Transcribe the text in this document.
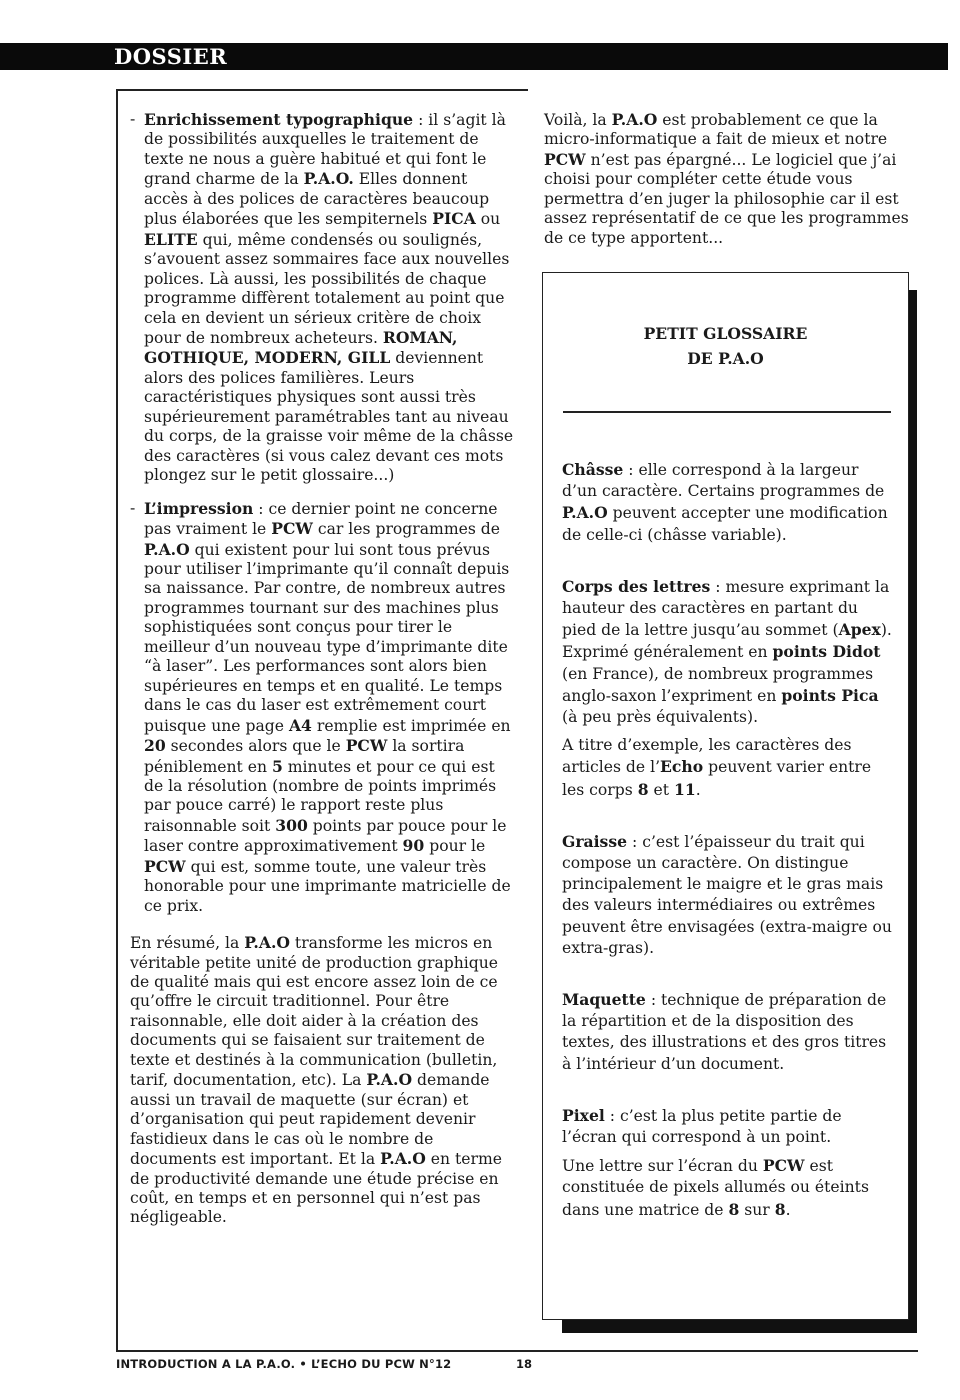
DOSSIER
- Enrichissement typographique : il s’agit là de possibilités auxquelles le traitement de texte ne nous a guère habitué et qui font le grand charme de la P.A.O. Elles donnent accès à des polices de caractères beaucoup plus élaborées que les sempiternels PICA ou ELITE qui, même condensés ou soulignés, s’avouent assez sommaires face aux nouvelles polices. Là aussi, les possibilités de chaque programme diffèrent totalement au point que cela en devient un sérieux critère de choix pour de nombreux acheteurs. ROMAN, GOTHIQUE, MODERN, GILL deviennent alors des polices familières. Leurs caractéristiques physiques sont aussi très supérieurement paramétrables tant au niveau du corps, de la graisse voir même de la châsse des caractères (si vous calez devant ces mots plongez sur le petit glossaire...)

- L’impression : ce dernier point ne concerne pas vraiment le PCW car les programmes de P.A.O qui existent pour lui sont tous prévus pour utiliser l’imprimante qu’il connaît depuis sa naissance. Par contre, de nombreux autres programmes tournant sur des machines plus sophistiquées sont conçus pour tirer le meilleur d’un nouveau type d’imprimante dite “à laser”. Les performances sont alors bien supérieures en temps et en qualité. Le temps dans le cas du laser est extrêmement court puisque une page A4 remplie est imprimée en 20 secondes alors que le PCW la sortira péniblement en 5 minutes et pour ce qui est de la résolution (nombre de points imprimés par pouce carré) le rapport reste plus raisonnable soit 300 points par pouce pour le laser contre approximativement 90 pour le PCW qui est, somme toute, une valeur très honorable pour une imprimante matricielle de ce prix.

En résumé, la P.A.O transforme les micros en véritable petite unité de production graphique de qualité mais qui est encore assez loin de ce qu’offre le circuit traditionnel. Pour être raisonnable, elle doit aider à la création des documents qui se faisaient sur traitement de texte et destinés à la communication (bulletin, tarif, documentation, etc). La P.A.O demande aussi un travail de maquette (sur écran) et d’organisation qui peut rapidement devenir fastidieux dans le cas où le nombre de documents est important. Et la P.A.O en terme de productivité demande une étude précise en coût, en temps et en personnel qui n’est pas négligeable.

Voilà, la P.A.O est probablement ce que la micro-informatique a fait de mieux et notre PCW n’est pas épargné... Le logiciel que j’ai choisi pour compléter cette étude vous permettra d’en juger la philosophie car il est assez représentatif de ce que les programmes de ce type apportent...

PETIT GLOSSAIRE
DE P.A.O

Châsse : elle correspond à la largeur d’un caractère. Certains programmes de P.A.O peuvent accepter une modification de celle-ci (châsse variable).

Corps des lettres : mesure exprimant la hauteur des caractères en partant du pied de la lettre jusqu’au sommet (Apex). Exprimé généralement en points Didot (en France), de nombreux programmes anglo-saxon l’expriment en points Pica (à peu près équivalents).

A titre d’exemple, les caractères des articles de l’Echo peuvent varier entre les corps 8 et 11.

Graisse : c’est l’épaisseur du trait qui compose un caractère. On distingue principalement le maigre et le gras mais des valeurs intermédiaires ou extrêmes peuvent être envisagées (extra-maigre ou extra-gras).

Maquette : technique de préparation de la répartition et de la disposition des textes, des illustrations et des gros titres à l’intérieur d’un document.

Pixel : c’est la plus petite partie de l’écran qui correspond à un point.

Une lettre sur l’écran du PCW est constituée de pixels allumés ou éteints dans une matrice de 8 sur 8.

INTRODUCTION A LA P.A.O. • L’ECHO DU PCW N°12	18
